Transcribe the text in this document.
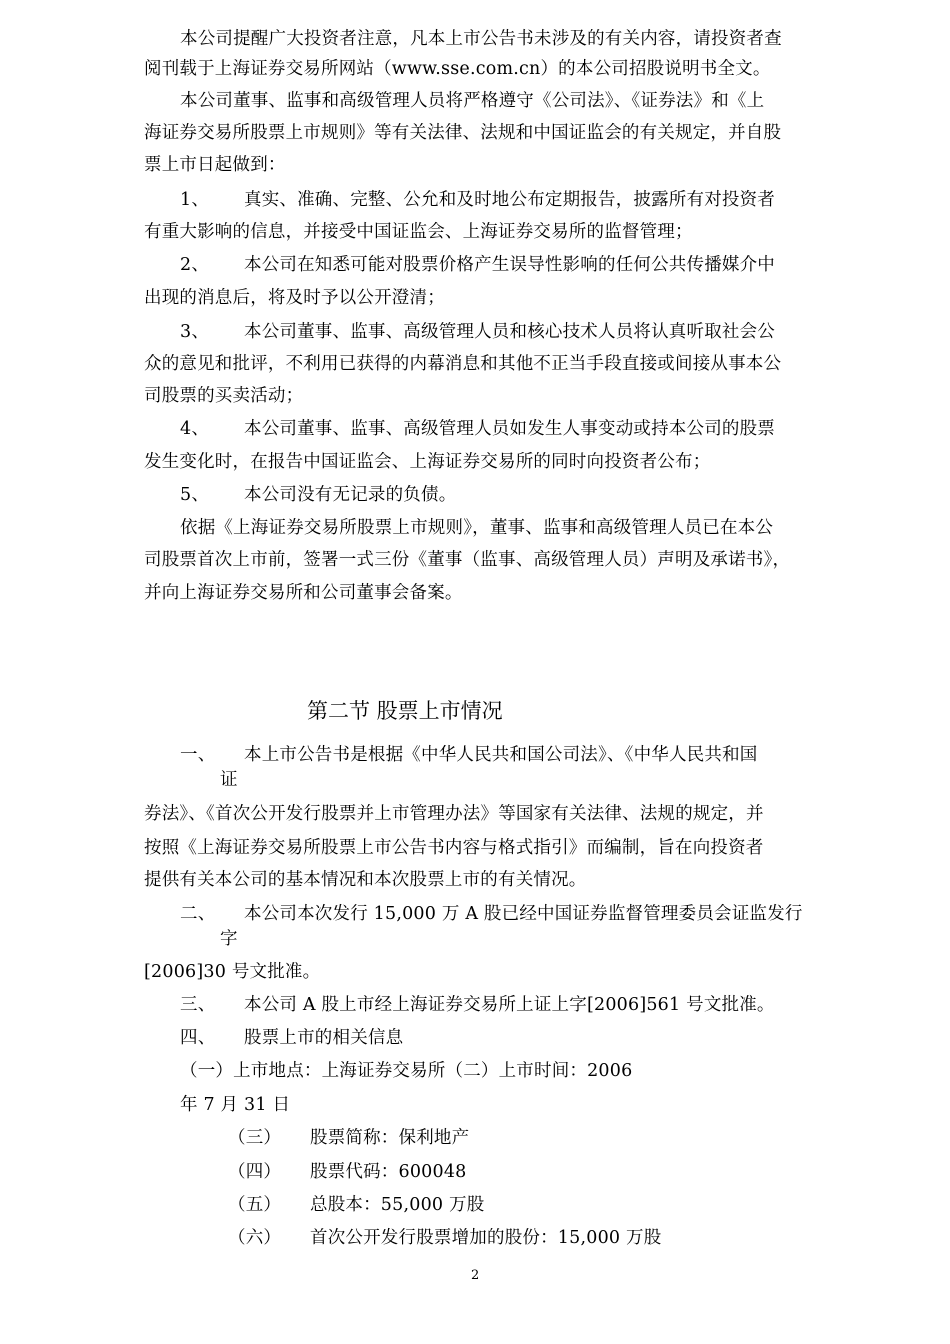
本公司提醒广大投资者注意，凡本上市公告书未涉及的有关内容，请投资者查
阅刊载于上海证券交易所网站（www.sse.com.cn）的本公司招股说明书全文。
本公司董事、监事和高级管理人员将严格遵守《公司法》、《证券法》和《上
海证券交易所股票上市规则》等有关法律、法规和中国证监会的有关规定，并自股
票上市日起做到：
1、 真实、准确、完整、公允和及时地公布定期报告，披露所有对投资者
有重大影响的信息，并接受中国证监会、上海证券交易所的监督管理；
2、 本公司在知悉可能对股票价格产生误导性影响的任何公共传播媒介中
出现的消息后，将及时予以公开澄清；
3、 本公司董事、监事、高级管理人员和核心技术人员将认真听取社会公
众的意见和批评，不利用已获得的内幕消息和其他不正当手段直接或间接从事本公
司股票的买卖活动；
4、 本公司董事、监事、高级管理人员如发生人事变动或持本公司的股票
发生变化时，在报告中国证监会、上海证券交易所的同时向投资者公布；
5、 本公司没有无记录的负债。
依据《上海证券交易所股票上市规则》，董事、监事和高级管理人员已在本公
司股票首次上市前，签署一式三份《董事（监事、高级管理人员）声明及承诺书》，
并向上海证券交易所和公司董事会备案。
第二节 股票上市情况
一、 本上市公告书是根据《中华人民共和国公司法》、《中华人民共和国
证
券法》、《首次公开发行股票并上市管理办法》等国家有关法律、法规的规定，并
按照《上海证券交易所股票上市公告书内容与格式指引》而编制，旨在向投资者
提供有关本公司的基本情况和本次股票上市的有关情况。
二、 本公司本次发行 15,000 万 A 股已经中国证券监督管理委员会证监发行
字
[2006]30 号文批准。
三、 本公司 A 股上市经上海证券交易所上证上字[2006]561 号文批准。
四、 股票上市的相关信息
（一）上市地点：上海证券交易所（二）上市时间：2006
年 7 月 31 日
（三） 股票简称：保利地产
（四） 股票代码：600048
（五） 总股本：55,000 万股
（六） 首次公开发行股票增加的股份：15,000 万股
2
